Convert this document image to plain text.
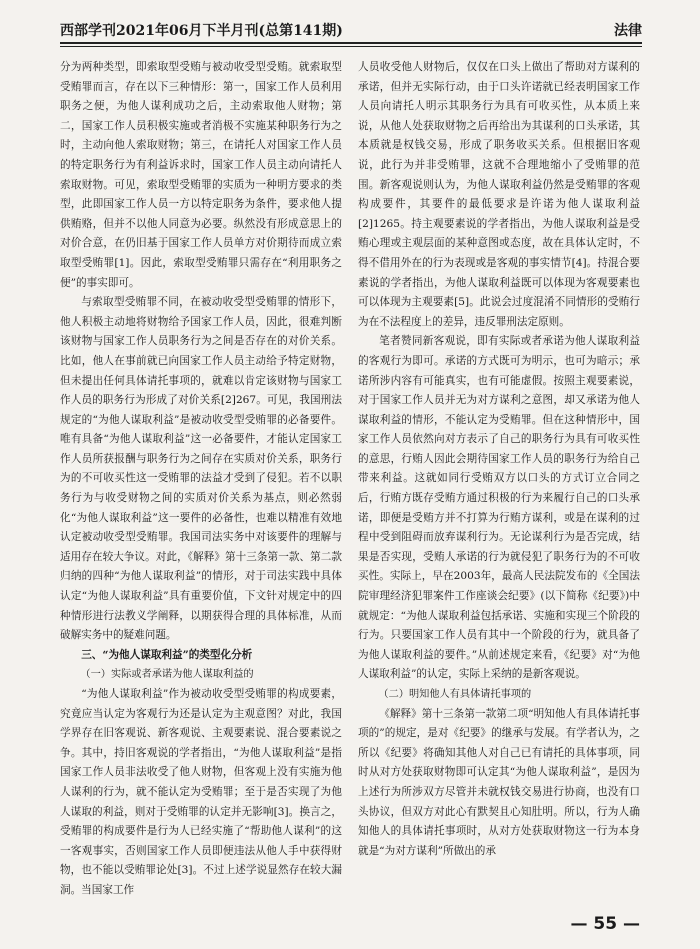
西部学刊2021年06月下半月刊(总第141期)	法律

分为两种类型，即索取型受贿与被动收受型受贿。就索取型受贿罪而言，存在以下三种情形：第一，国家工作人员利用职务之便，为他人谋利成功之后，主动索取他人财物；第二，国家工作人员积极实施或者消极不实施某种职务行为之时，主动向他人索取财物；第三，在请托人对国家工作人员的特定职务行为有利益诉求时，国家工作人员主动向请托人索取财物。可见，索取型受贿罪的实质为一种明方要求的类型，此即国家工作人员一方以特定职务为条件，要求他人提供贿赂，但并不以他人同意为必要。纵然没有形成意思上的对价合意，在仍旧基于国家工作人员单方对价期待而成立索取型受贿罪[1]。因此，索取型受贿罪只需存在“利用职务之便”的事实即可。

与索取型受贿罪不同，在被动收受型受贿罪的情形下，他人积极主动地将财物给予国家工作人员，因此，很难判断该财物与国家工作人员职务行为之间是否存在的对价关系。比如，他人在事前就已向国家工作人员主动给予特定财物，但未提出任何具体请托事项的，就难以肯定该财物与国家工作人员的职务行为形成了对价关系[2]267。可见，我国刑法规定的“为他人谋取利益”是被动收受型受贿罪的必备要件。唯有具备“为他人谋取利益”这一必备要件，才能认定国家工作人员所获报酬与职务行为之间存在实质对价关系，职务行为的不可收买性这一受贿罪的法益才受到了侵犯。若不以职务行为与收受财物之间的实质对价关系为基点，则必然弱化“为他人谋取利益”这一要件的必备性，也难以精准有效地认定被动收受型受贿罪。我国司法实务中对该要件的理解与适用存在较大争议。对此，《解释》第十三条第一款、第二款归纳的四种“为他人谋取利益”的情形，对于司法实践中具体认定“为他人谋取利益”具有重要价值，下文针对规定中的四种情形进行法教义学阐释，以期获得合理的具体标准，从而破解实务中的疑难问题。

三、“为他人谋取利益”的类型化分析

（一）实际或者承诺为他人谋取利益的

“为他人谋取利益”作为被动收受型受贿罪的构成要素，究竟应当认定为客观行为还是认定为主观意图？对此，我国学界存在旧客观说、新客观说、主观要素说、混合要素说之争。其中，持旧客观说的学者指出，“为他人谋取利益”是指国家工作人员非法收受了他人财物，但客观上没有实施为他人谋利的行为，就不能认定为受贿罪；至于是否实现了为他人谋取的利益，则对于受贿罪的认定并无影响[3]。换言之，受贿罪的构成要件是行为人已经实施了“帮助他人谋利”的这一客观事实，否则国家工作人员即便违法从他人手中获得财物，也不能以受贿罪论处[3]。不过上述学说显然存在较大漏洞。当国家工作

人员收受他人财物后，仅仅在口头上做出了帮助对方谋利的承诺，但并无实际行动，由于口头许诺就已经表明国家工作人员向请托人明示其职务行为具有可收买性，从本质上来说，从他人处获取财物之后再给出为其谋利的口头承诺，其本质就是权钱交易，形成了职务收买关系。但根据旧客观说，此行为并非受贿罪，这就不合理地缩小了受贿罪的范围。新客观说则认为，为他人谋取利益仍然是受贿罪的客观构成要件，其要件的最低要求是许诺为他人谋取利益[2]1265。持主观要素说的学者指出，为他人谋取利益是受贿心理或主观层面的某种意图或态度，故在具体认定时，不得不借用外在的行为表现或是客观的事实情节[4]。持混合要素说的学者指出，为他人谋取利益既可以体现为客观要素也可以体现为主观要素[5]。此说会过度混淆不同情形的受贿行为在不法程度上的差异，违反罪刑法定原则。

笔者赞同新客观说，即有实际或者承诺为他人谋取利益的客观行为即可。承诺的方式既可为明示，也可为暗示；承诺所涉内容有可能真实，也有可能虚假。按照主观要素说，对于国家工作人员并无为对方谋利之意图，却又承诺为他人谋取利益的情形，不能认定为受贿罪。但在这种情形中，国家工作人员依然向对方表示了自己的职务行为具有可收买性的意思，行贿人因此会期待国家工作人员的职务行为给自己带来利益。这就如同行受贿双方以口头的方式订立合同之后，行贿方既存受贿方通过积极的行为来履行自己的口头承诺，即便是受贿方并不打算为行贿方谋利，或是在谋利的过程中受到阻碍而放弃谋利行为。无论谋利行为是否完成，结果是否实现，受贿人承诺的行为就侵犯了职务行为的不可收买性。实际上，早在2003年，最高人民法院发布的《全国法院审理经济犯罪案件工作座谈会纪要》(以下简称《纪要》)中就规定：“为他人谋取利益包括承诺、实施和实现三个阶段的行为。只要国家工作人员有其中一个阶段的行为，就具备了为他人谋取利益的要件。”从前述规定来看，《纪要》对“为他人谋取利益”的认定，实际上采纳的是新客观说。

（二）明知他人有具体请托事项的

《解释》第十三条第一款第二项“明知他人有具体请托事项的”的规定，是对《纪要》的继承与发展。有学者认为，之所以《纪要》将确知其他人对自己已有请托的具体事项，同时从对方处获取财物即可认定其“为他人谋取利益”，是因为上述行为所涉双方尽管并未就权钱交易进行协商，也没有口头协议，但双方对此心有默契且心知肚明。所以，行为人确知他人的具体请托事项时，从对方处获取财物这一行为本身就是“为对方谋利”所做出的承

— 55 —
